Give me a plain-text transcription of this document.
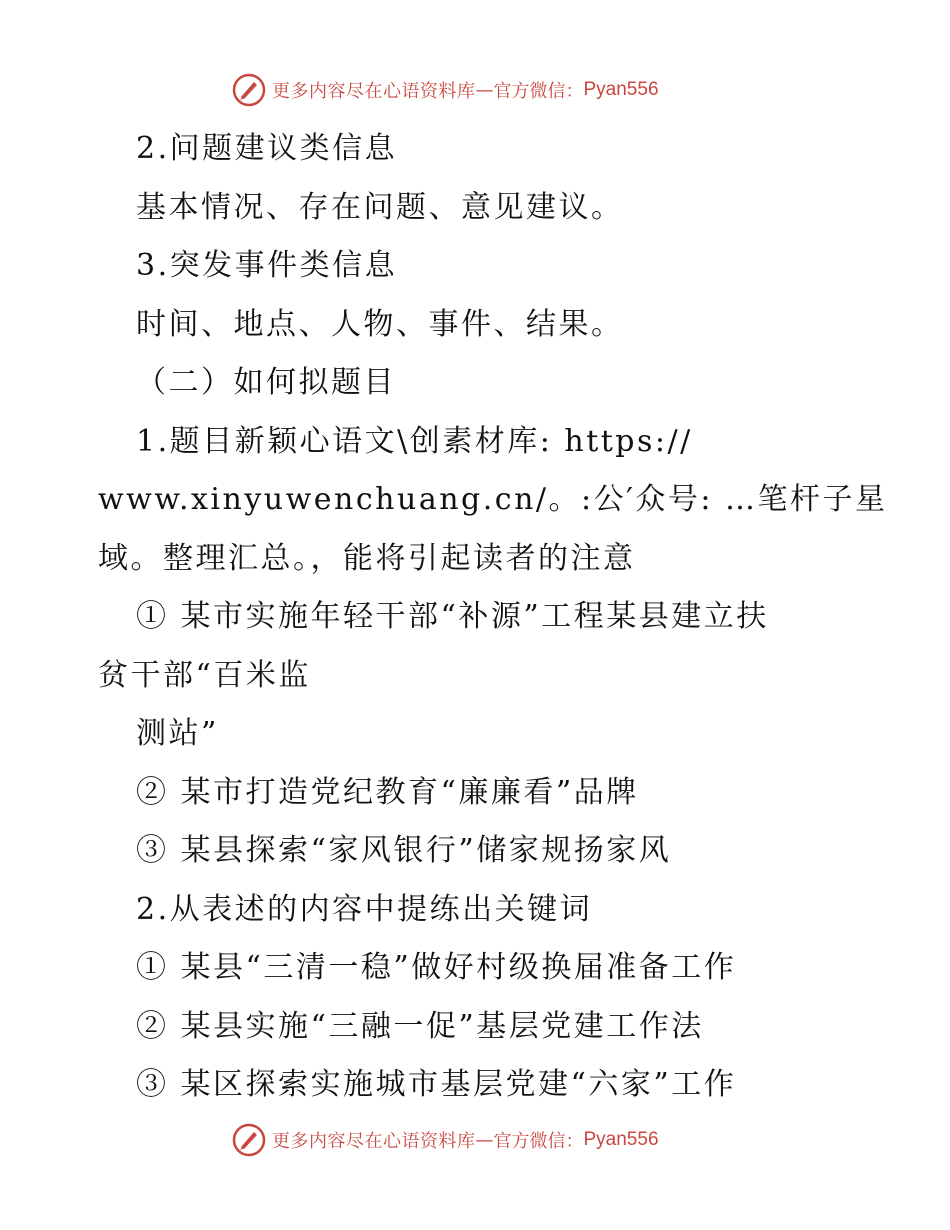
更多内容尽在心语资料库 — 官方微信： Pyan556
2.问题建议类信息
基本情况、存在问题、意见建议。
3.突发事件类信息
时间、地点、人物、事件、结果。
（二）如何拟题目
1.题目新颖心语文\创素材库: https://
www.xinyuwenchuang.cn/。:公′众号: …笔杆子星
域。整理汇总。，能将引起读者的注意
① 某市实施年轻干部“补源”工程某县建立扶
贫干部“百米监
测站”
② 某市打造党纪教育“廉廉看”品牌
③ 某县探索“家风银行”储家规扬家风
2.从表述的内容中提练出关键词
① 某县“三清一稳”做好村级换届准备工作
② 某县实施“三融一促”基层党建工作法
③ 某区探索实施城市基层党建“六家”工作
更多内容尽在心语资料库 — 官方微信： Pyan556
